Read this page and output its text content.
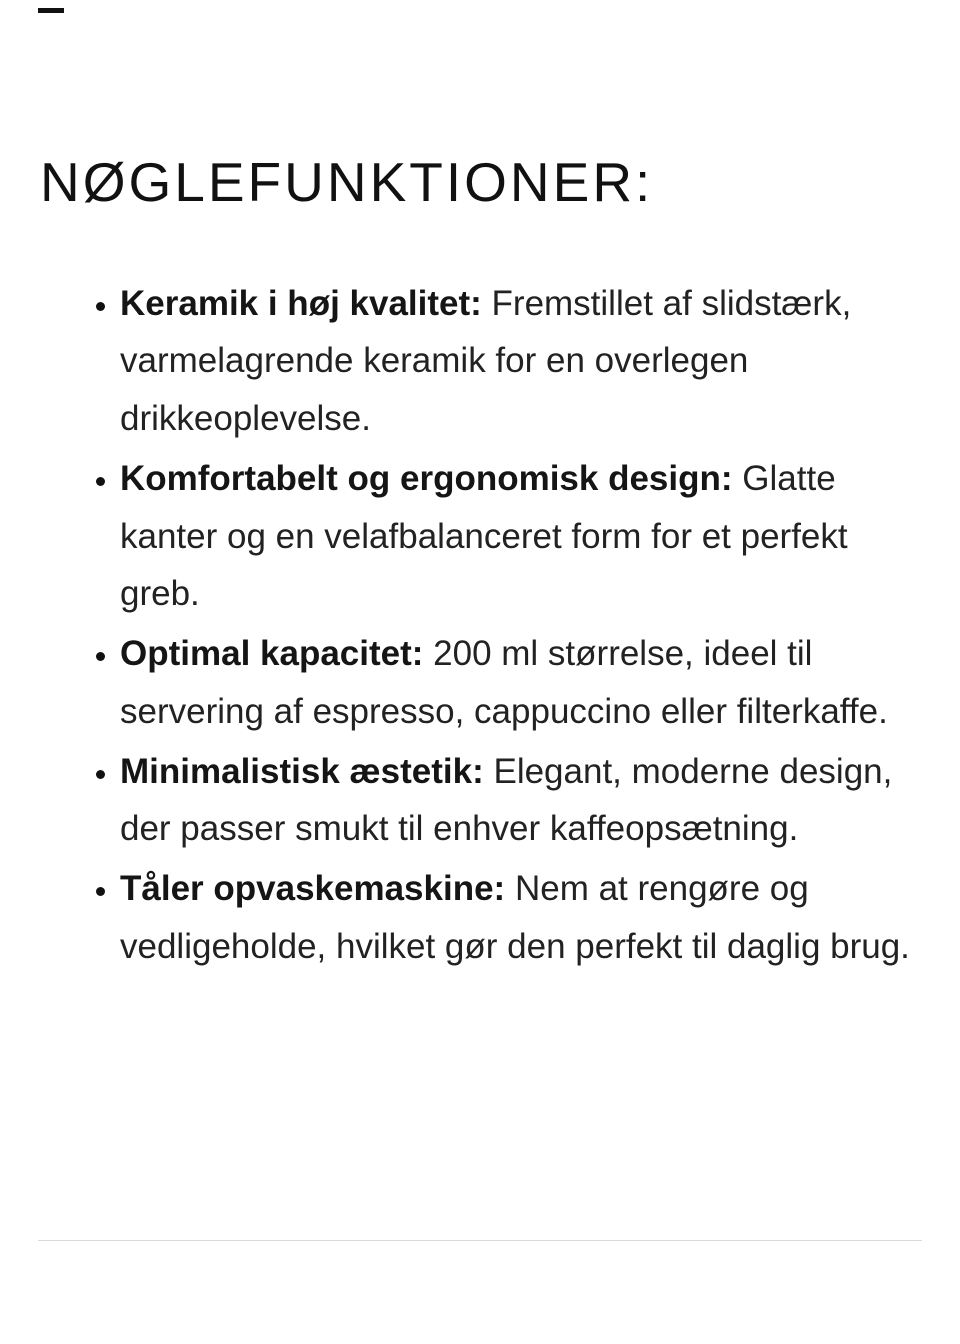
NØGLEFUNKTIONER:
• Keramik i høj kvalitet: Fremstillet af slidstærk, varmelagrende keramik for en overlegen drikkeoplevelse.
• Komfortabelt og ergonomisk design: Glatte kanter og en velafbalanceret form for et perfekt greb.
• Optimal kapacitet: 200 ml størrelse, ideel til servering af espresso, cappuccino eller filterkaffe.
• Minimalistisk æstetik: Elegant, moderne design, der passer smukt til enhver kaffeopsætning.
• Tåler opvaskemaskine: Nem at rengøre og vedligeholde, hvilket gør den perfekt til daglig brug.
